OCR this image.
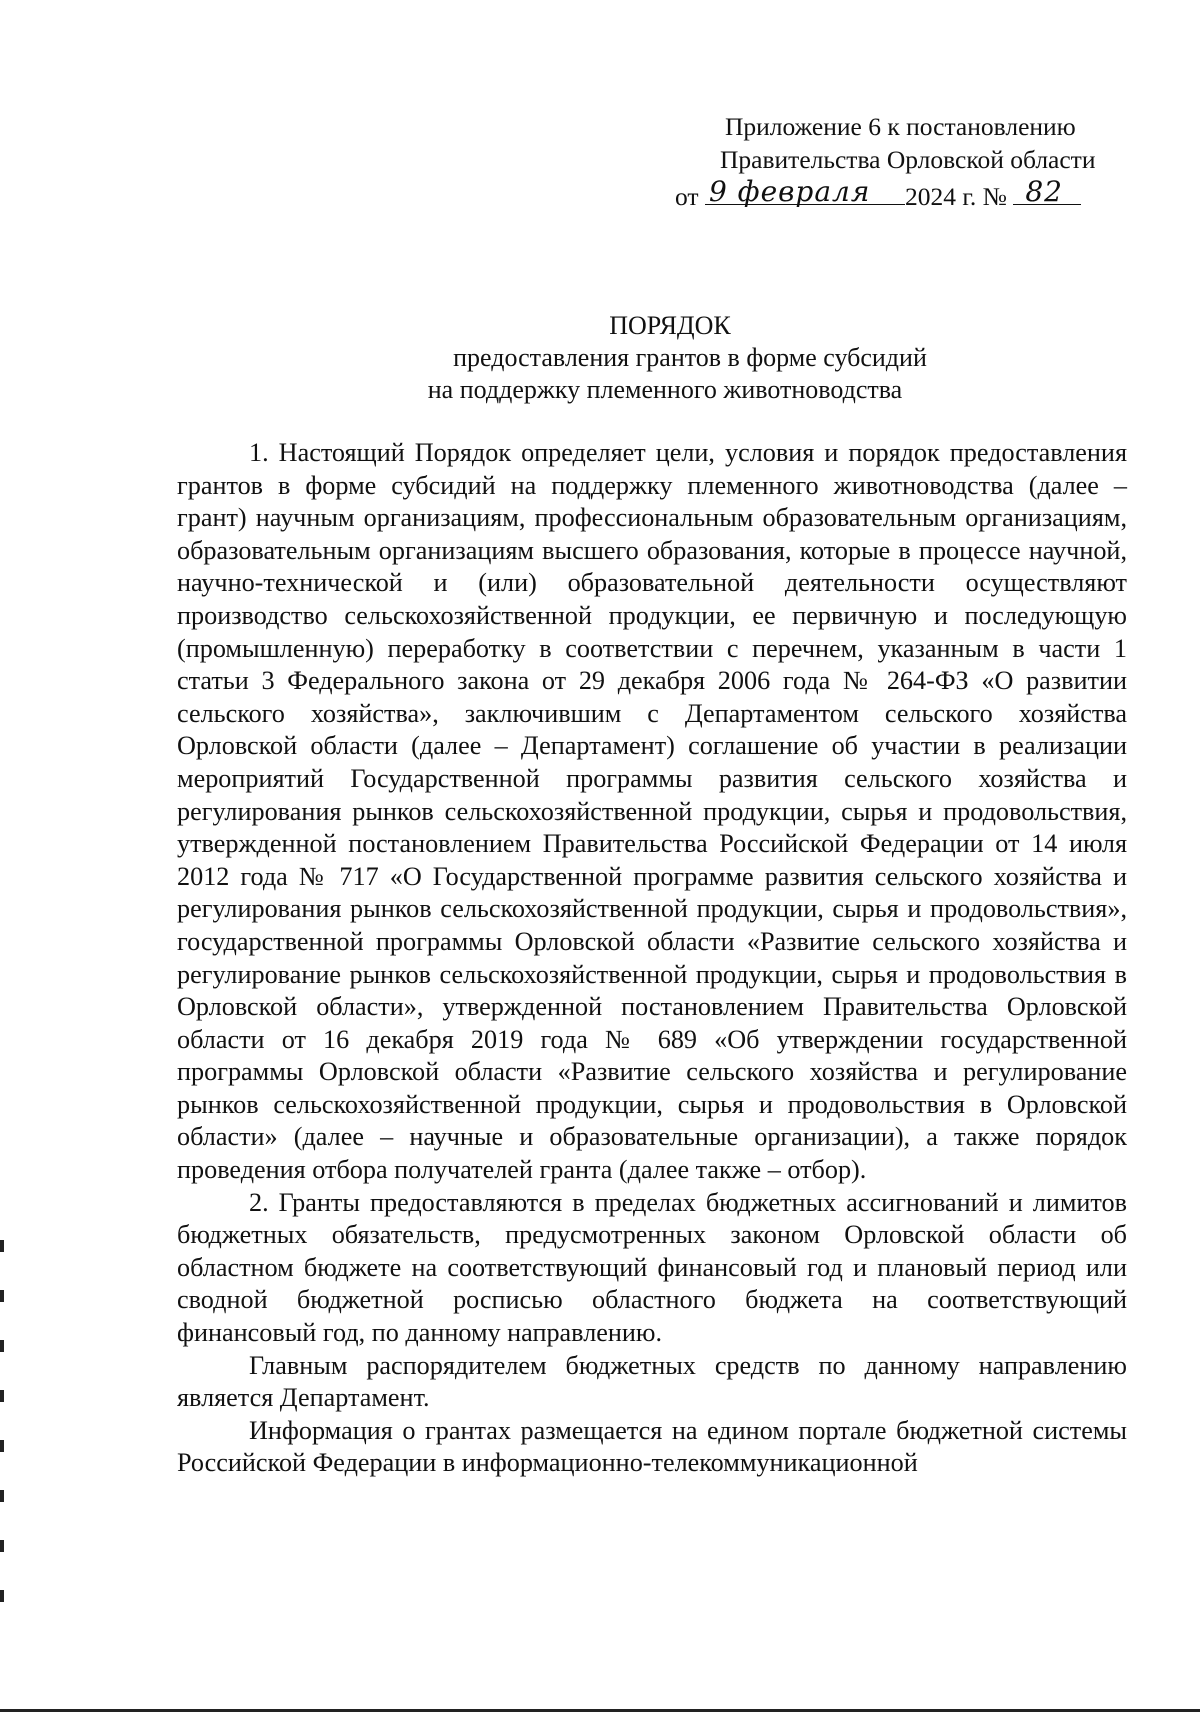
Приложение 6 к постановлению
Правительства Орловской области
от 9 февраля 2024 г. № 82
ПОРЯДОК
предоставления грантов в форме субсидий
на поддержку племенного животноводства

1. Настоящий Порядок определяет цели, условия и порядок предоставления грантов в форме субсидий на поддержку племенного животноводства (далее – грант) научным организациям, профессиональным образовательным организациям, образовательным организациям высшего образования, которые в процессе научной, научно-технической и (или) образовательной деятельности осуществляют производство сельскохозяйственной продукции, ее первичную и последующую (промышленную) переработку в соответствии с перечнем, указанным в части 1 статьи 3 Федерального закона от 29 декабря 2006 года № 264-ФЗ «О развитии сельского хозяйства», заключившим с Департаментом сельского хозяйства Орловской области (далее – Департамент) соглашение об участии в реализации мероприятий Государственной программы развития сельского хозяйства и регулирования рынков сельскохозяйственной продукции, сырья и продовольствия, утвержденной постановлением Правительства Российской Федерации от 14 июля 2012 года № 717 «О Государственной программе развития сельского хозяйства и регулирования рынков сельскохозяйственной продукции, сырья и продовольствия», государственной программы Орловской области «Развитие сельского хозяйства и регулирование рынков сельскохозяйственной продукции, сырья и продовольствия в Орловской области», утвержденной постановлением Правительства Орловской области от 16 декабря 2019 года № 689 «Об утверждении государственной программы Орловской области «Развитие сельского хозяйства и регулирование рынков сельскохозяйственной продукции, сырья и продовольствия в Орловской области» (далее – научные и образовательные организации), а также порядок проведения отбора получателей гранта (далее также – отбор).

2. Гранты предоставляются в пределах бюджетных ассигнований и лимитов бюджетных обязательств, предусмотренных законом Орловской области об областном бюджете на соответствующий финансовый год и плановый период или сводной бюджетной росписью областного бюджета на соответствующий финансовый год, по данному направлению.

Главным распорядителем бюджетных средств по данному направлению является Департамент.

Информация о грантах размещается на едином портале бюджетной системы Российской Федерации в информационно-телекоммуникационной
